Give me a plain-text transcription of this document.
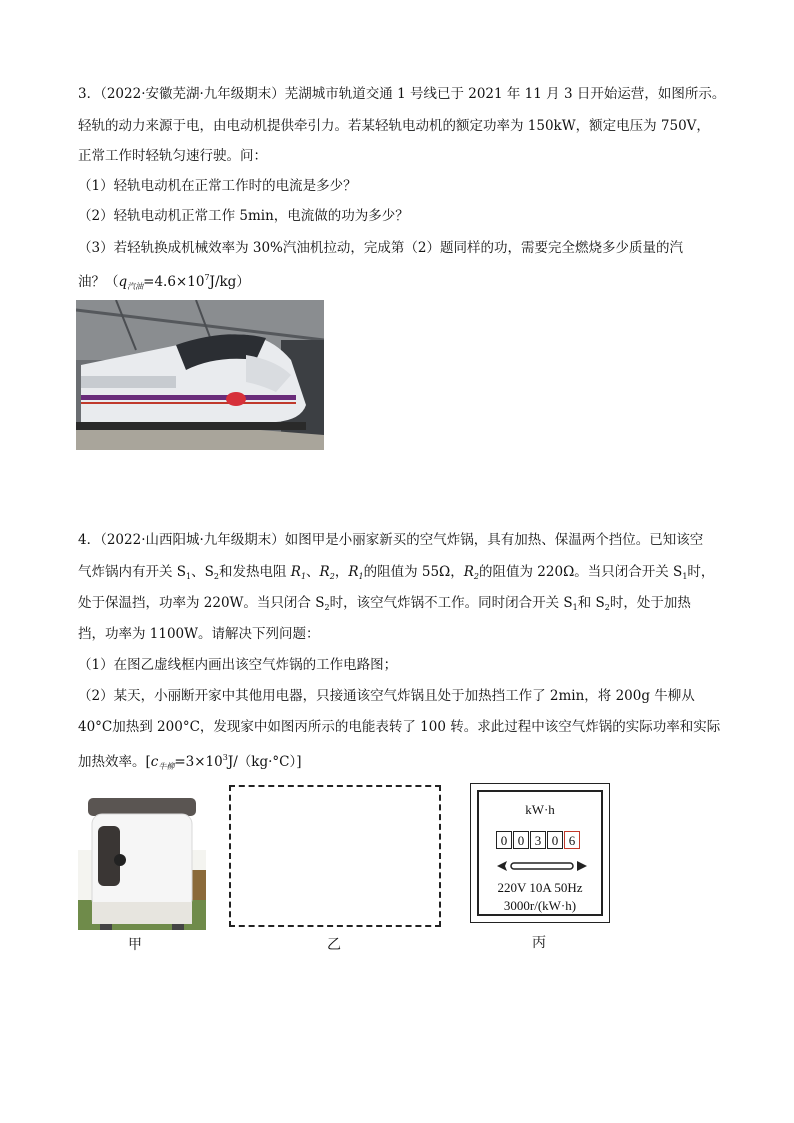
3．（2022·安徽芜湖·九年级期末）芜湖城市轨道交通 1 号线已于 2021 年 11 月 3 日开始运营，如图所示。
轻轨的动力来源于电，由电动机提供牵引力。若某轻轨电动机的额定功率为 150kW，额定电压为 750V，
正常工作时轻轨匀速行驶。问：
（1）轻轨电动机在正常工作时的电流是多少？
（2）轻轨电动机正常工作 5min，电流做的功为多少？
（3）若轻轨换成机械效率为 30%汽油机拉动，完成第（2）题同样的功，需要完全燃烧多少质量的汽
油？$(q_{汽油}=4.6\times 10^7J/kg)$
4．（2022·山西阳城·九年级期末）如图甲是小丽家新买的空气炸锅，具有加热、保温两个挡位。已知该空
气炸锅内有开关 $S_1$、$S_2$和发热电阻 $R_1$、$R_2$，$R_1$的阻值为 55Ω，$R_2$的阻值为 220Ω。当只闭合开关 $S_1$时，
处于保温挡，功率为 220W。当只闭合 $S_2$时，该空气炸锅不工作。同时闭合开关 $S_1$和 $S_2$时，处于加热
挡，功率为 1100W。请解决下列问题：
（1）在图乙虚线框内画出该空气炸锅的工作电路图；
（2）某天，小丽断开家中其他用电器，只接通该空气炸锅且处于加热挡工作了 2min，将 200g 牛柳从
40°C加热到 200°C，发现家中如图丙所示的电能表转了 100 转。求此过程中该空气炸锅的实际功率和实际
加热效率。$[c_{牛柳}=3\times 10^3J/(kg\cdot^\circ C)]$
甲	乙
kW·h
0 0 3 0 6
220V 10A 50Hz
3000r/(kW·h)
丙
